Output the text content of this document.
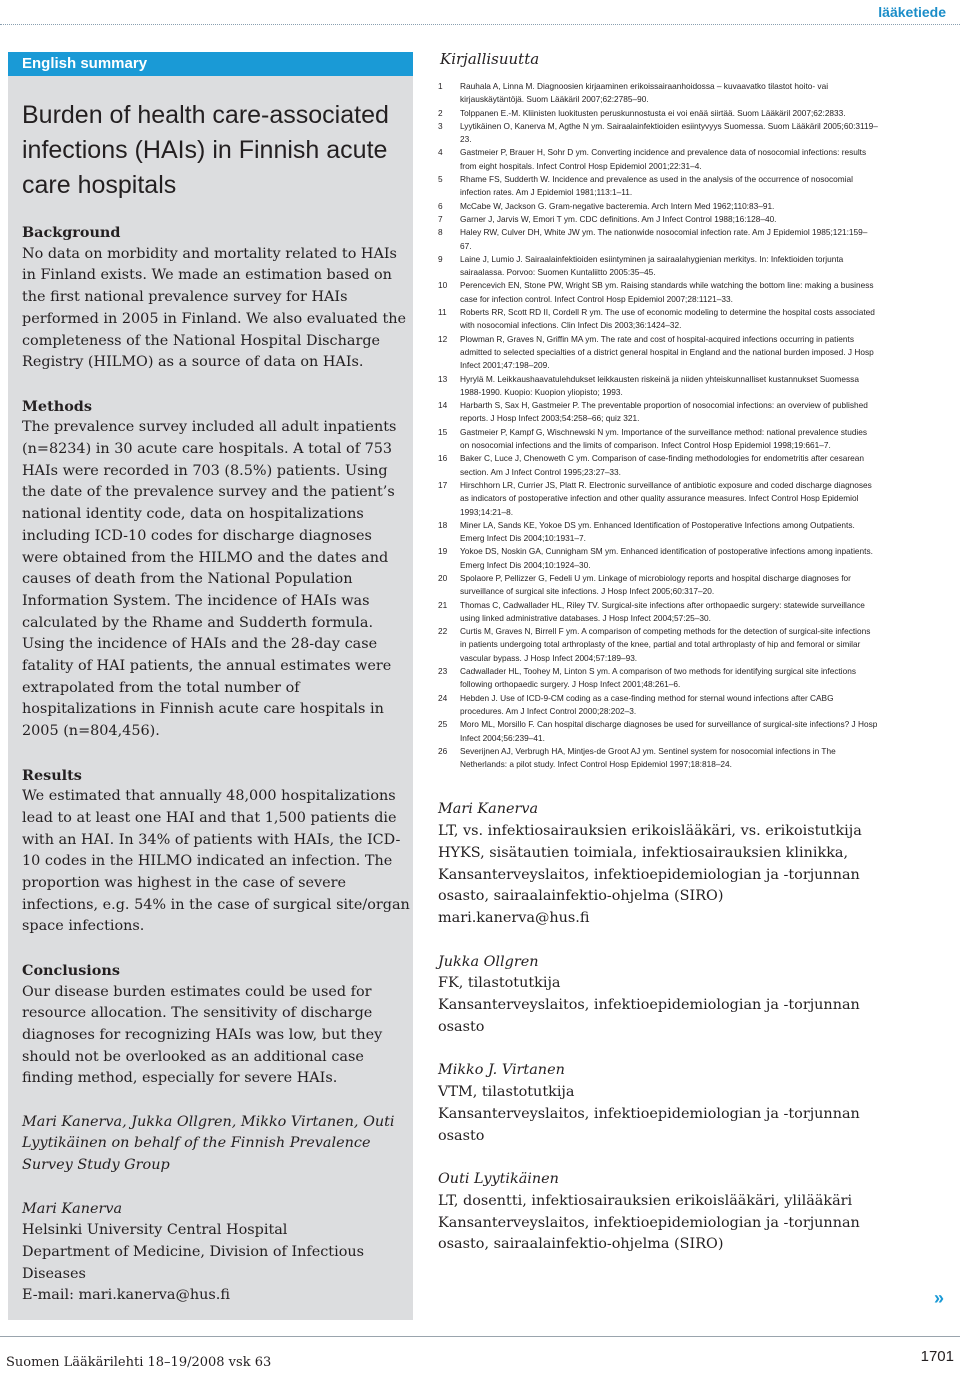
lääketiede
English summary
Burden of health care-associated infections (HAIs) in Finnish acute care hospitals
Background

No data on morbidity and mortality related to HAIs in Finland exists. We made an estimation based on the first national prevalence survey for HAIs performed in 2005 in Finland. We also evaluated the completeness of the National Hospital Discharge Registry (HILMO) as a source of data on HAIs.

Methods

The prevalence survey included all adult inpatients (n=8234) in 30 acute care hospitals. A total of 753 HAIs were recorded in 703 (8.5%) patients. Using the date of the prevalence survey and the patient’s national identity code, data on hospitalizations including ICD-10 codes for discharge diagnoses were obtained from the HILMO and the dates and causes of death from the National Population Information System. The incidence of HAIs was calculated by the Rhame and Sudderth formula. Using the incidence of HAIs and the 28-day case fatality of HAI patients, the annual estimates were extrapolated from the total number of hospitalizations in Finnish acute care hospitals in 2005 (n=804,456).

Results

We estimated that annually 48,000 hospitalizations lead to at least one HAI and that 1,500 patients die with an HAI. In 34% of patients with HAIs, the ICD-10 codes in the HILMO indicated an infection. The proportion was highest in the case of severe infections, e.g. 54% in the case of surgical site/organ space infections.

Conclusions

Our disease burden estimates could be used for resource allocation. The sensitivity of discharge diagnoses for recognizing HAIs was low, but they should not be overlooked as an additional case finding method, especially for severe HAIs.

Mari Kanerva, Jukka Ollgren, Mikko Virtanen, Outi Lyytikäinen on behalf of the Finnish Prevalence Survey Study Group

Mari Kanerva
Helsinki University Central Hospital
Department of Medicine, Division of Infectious Diseases
E-mail: mari.kanerva@hus.fi
Kirjallisuutta
1	Rauhala A, Linna M. Diagnoosien kirjaaminen erikoissairaanhoidossa – kuvaavatko tilastot hoito- vai kirjauskäytäntöjä. Suom Lääkäril 2007;62:2785–90.
2	Tolppanen E.-M. Kliinisten luokitusten peruskunnostusta ei voi enää siirtää. Suom Lääkäril 2007;62:2833.
3	Lyytikäinen O, Kanerva M, Agthe N ym. Sairaalainfektioiden esiintyvyys Suomessa. Suom Lääkäril 2005;60:3119–23.
4	Gastmeier P, Brauer H, Sohr D ym. Converting incidence and prevalence data of nosocomial infections: results from eight hospitals. Infect Control Hosp Epidemiol 2001;22:31–4.
5	Rhame FS, Sudderth W. Incidence and prevalence as used in the analysis of the occurrence of nosocomial infection rates. Am J Epidemiol 1981;113:1–11.
6	McCabe W, Jackson G. Gram-negative bacteremia. Arch Intern Med 1962;110:83–91.
7	Garner J, Jarvis W, Emori T ym. CDC definitions. Am J Infect Control 1988;16:128–40.
8	Haley RW, Culver DH, White JW ym. The nationwide nosocomial infection rate. Am J Epidemiol 1985;121:159–67.
9	Laine J, Lumio J. Sairaalainfektioiden esiintyminen ja sairaalahygienian merkitys. In: Infektioiden torjunta sairaalassa. Porvoo: Suomen Kuntaliitto 2005:35–45.
10	Perencevich EN, Stone PW, Wright SB ym. Raising standards while watching the bottom line: making a business case for infection control. Infect Control Hosp Epidemiol 2007;28:1121–33.
11	Roberts RR, Scott RD II, Cordell R ym. The use of economic modeling to determine the hospital costs associated with nosocomial infections. Clin Infect Dis 2003;36:1424–32.
12	Plowman R, Graves N, Griffin MA ym. The rate and cost of hospital-acquired infections occurring in patients admitted to selected specialties of a district general hospital in England and the national burden imposed. J Hosp Infect 2001;47:198–209.
13	Hyrylä M. Leikkaushaavatulehdukset leikkausten riskeinä ja niiden yhteiskunnalliset kustannukset Suomessa 1988-1990. Kuopio: Kuopion yliopisto; 1993.
14	Harbarth S, Sax H, Gastmeier P. The preventable proportion of nosocomial infections: an overview of published reports. J Hosp Infect 2003;54:258–66; quiz 321.
15	Gastmeier P, Kampf G, Wischnewski N ym. Importance of the surveillance method: national prevalence studies on nosocomial infections and the limits of comparison. Infect Control Hosp Epidemiol 1998;19:661–7.
16	Baker C, Luce J, Chenoweth C ym. Comparison of case-finding methodologies for endometritis after cesarean section. Am J Infect Control 1995;23:27–33.
17	Hirschhorn LR, Currier JS, Platt R. Electronic surveillance of antibiotic exposure and coded discharge diagnoses as indicators of postoperative infection and other quality assurance measures. Infect Control Hosp Epidemiol 1993;14:21–8.
18	Miner LA, Sands KE, Yokoe DS ym. Enhanced Identification of Postoperative Infections among Outpatients. Emerg Infect Dis 2004;10:1931–7.
19	Yokoe DS, Noskin GA, Cunnigham SM ym. Enhanced identification of postoperative infections among inpatients. Emerg Infect Dis 2004;10:1924–30.
20	Spolaore P, Pellizzer G, Fedeli U ym. Linkage of microbiology reports and hospital discharge diagnoses for surveillance of surgical site infections. J Hosp Infect 2005;60:317–20.
21	Thomas C, Cadwallader HL, Riley TV. Surgical-site infections after orthopaedic surgery: statewide surveillance using linked administrative databases. J Hosp Infect 2004;57:25–30.
22	Curtis M, Graves N, Birrell F ym. A comparison of competing methods for the detection of surgical-site infections in patients undergoing total arthroplasty of the knee, partial and total arthroplasty of hip and femoral or similar vascular bypass. J Hosp Infect 2004;57:189–93.
23	Cadwallader HL, Toohey M, Linton S ym. A comparison of two methods for identifying surgical site infections following orthopaedic surgery. J Hosp Infect 2001;48:261–6.
24	Hebden J. Use of ICD-9-CM coding as a case-finding method for sternal wound infections after CABG procedures. Am J Infect Control 2000;28:202–3.
25	Moro ML, Morsillo F. Can hospital discharge diagnoses be used for surveillance of surgical-site infections? J Hosp Infect 2004;56:239–41.
26	Severijnen AJ, Verbrugh HA, Mintjes-de Groot AJ ym. Sentinel system for nosocomial infections in The Netherlands: a pilot study. Infect Control Hosp Epidemiol 1997;18:818–24.
Mari Kanerva
LT, vs. infektiosairauksien erikoislääkäri, vs. erikoistutkija
HYKS, sisätautien toimiala, infektiosairauksien klinikka,
Kansanterveyslaitos, infektioepidemiologian ja -torjunnan
osasto, sairaalainfektio-ohjelma (SIRO)
mari.kanerva@hus.fi
Jukka Ollgren
FK, tilastotutkija
Kansanterveyslaitos, infektioepidemiologian ja -torjunnan
osasto
Mikko J. Virtanen
VTM, tilastotutkija
Kansanterveyslaitos, infektioepidemiologian ja -torjunnan
osasto
Outi Lyytikäinen
LT, dosentti, infektiosairauksien erikoislääkäri, ylilääkäri
Kansanterveyslaitos, infektioepidemiologian ja -torjunnan
osasto, sairaalainfektio-ohjelma (SIRO)
»
Suomen Lääkärilehti 18–19/2008 vsk 63	1701
